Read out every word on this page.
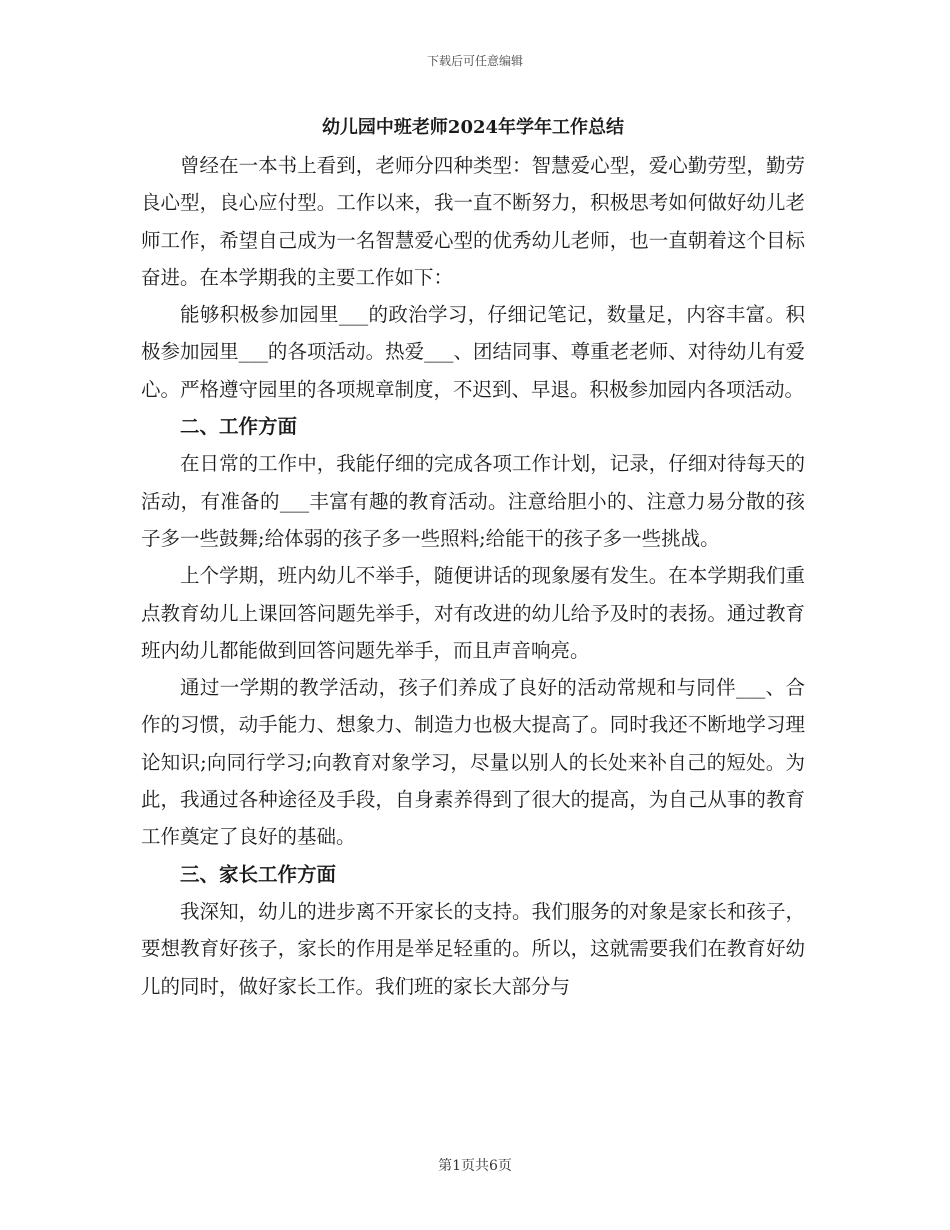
下载后可任意编辑
幼儿园中班老师2024年学年工作总结

曾经在一本书上看到，老师分四种类型：智慧爱心型，爱心勤劳型，勤劳良心型，良心应付型。工作以来，我一直不断努力，积极思考如何做好幼儿老师工作，希望自己成为一名智慧爱心型的优秀幼儿老师，也一直朝着这个目标奋进。在本学期我的主要工作如下：

能够积极参加园里___的政治学习，仔细记笔记，数量足，内容丰富。积极参加园里___的各项活动。热爱___、团结同事、尊重老老师、对待幼儿有爱心。严格遵守园里的各项规章制度，不迟到、早退。积极参加园内各项活动。

二、工作方面

在日常的工作中，我能仔细的完成各项工作计划，记录，仔细对待每天的活动，有准备的___丰富有趣的教育活动。注意给胆小的、注意力易分散的孩子多一些鼓舞;给体弱的孩子多一些照料;给能干的孩子多一些挑战。

上个学期，班内幼儿不举手，随便讲话的现象屡有发生。在本学期我们重点教育幼儿上课回答问题先举手，对有改进的幼儿给予及时的表扬。通过教育班内幼儿都能做到回答问题先举手，而且声音响亮。

通过一学期的教学活动，孩子们养成了良好的活动常规和与同伴___、合作的习惯，动手能力、想象力、制造力也极大提高了。同时我还不断地学习理论知识;向同行学习;向教育对象学习，尽量以别人的长处来补自己的短处。为此，我通过各种途径及手段，自身素养得到了很大的提高，为自己从事的教育工作奠定了良好的基础。

三、家长工作方面

我深知，幼儿的进步离不开家长的支持。我们服务的对象是家长和孩子，要想教育好孩子，家长的作用是举足轻重的。所以，这就需要我们在教育好幼儿的同时，做好家长工作。我们班的家长大部分与

第1页共6页
